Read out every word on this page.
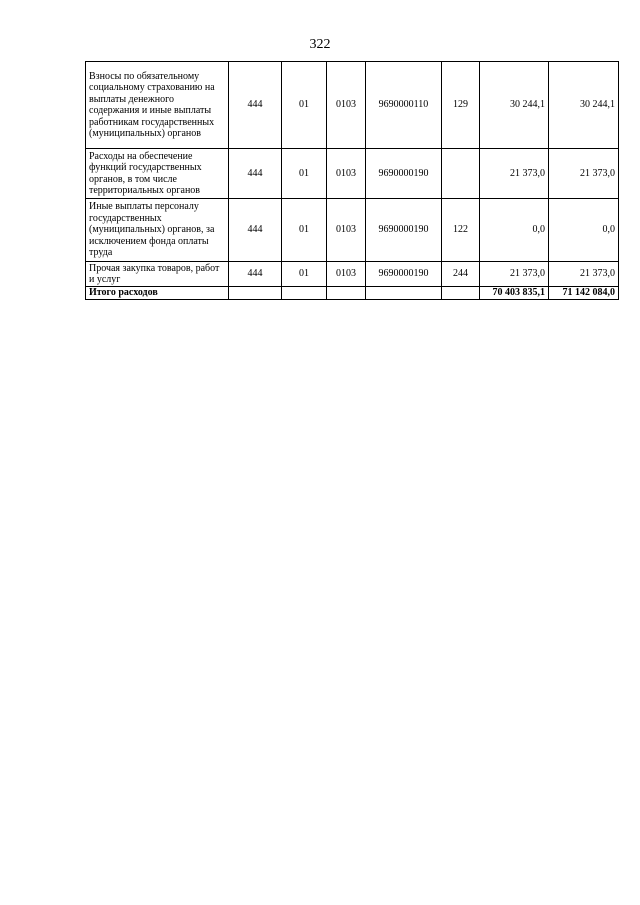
322
Взносы по обязательному социальному страхованию на выплаты денежного содержания и иные выплаты работникам государственных (муниципальных) органов	444	01	0103	9690000110	129	30 244,1	30 244,1
Расходы на обеспечение функций государственных органов, в том числе территориальных органов	444	01	0103	9690000190		21 373,0	21 373,0
Иные выплаты персоналу государственных (муниципальных) органов, за исключением фонда оплаты труда	444	01	0103	9690000190	122	0,0	0,0
Прочая закупка товаров, работ и услуг	444	01	0103	9690000190	244	21 373,0	21 373,0
Итого расходов						70 403 835,1	71 142 084,0
